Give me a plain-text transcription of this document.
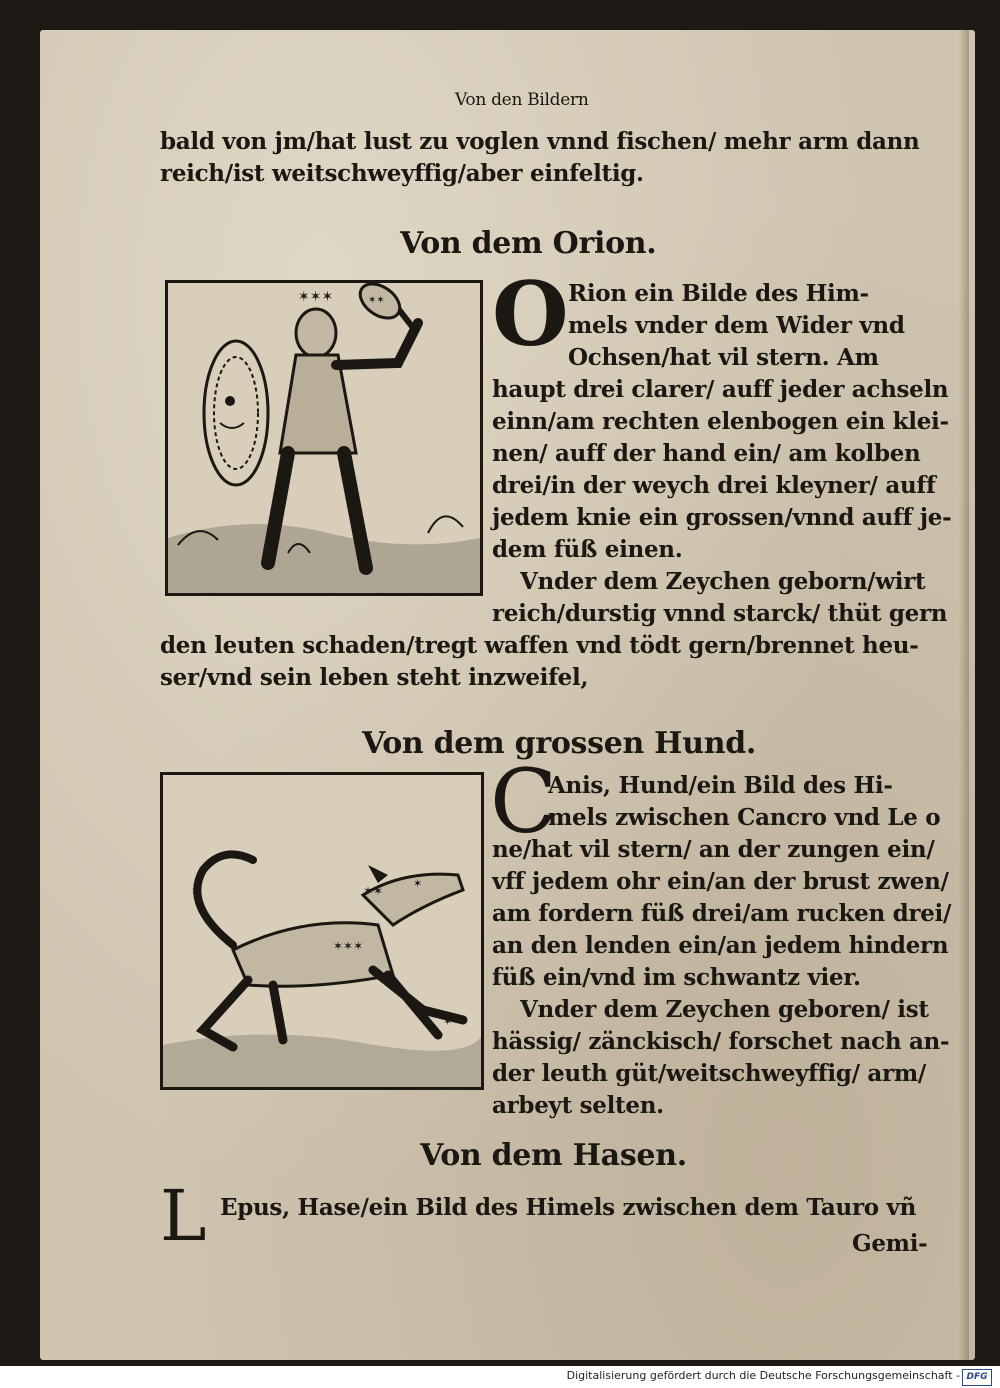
Von den Bildern
bald von jm/hat lust zu voglen vnnd fischen/ mehr arm dann
reich/ist weitschweyffig/aber einfeltig.
Von dem Orion.
✶✶✶	✶✶ O Rion ein Bilde des Him-
mels vnder dem Wider vnd
Ochsen/hat vil stern. Am
haupt drei clarer/ auff jeder achseln
einn/am rechten elenbogen ein klei-
nen/ auff der hand ein/ am kolben
drei/in der weych drei kleyner/ auff
jedem knie ein grossen/vnnd auff je-
dem füß einen.
Vnder dem Zeychen geborn/wirt
reich/durstig vnnd starck/ thüt gern
den leuten schaden/tregt waffen vnd tödt gern/brennet heu-
ser/vnd sein leben steht inzweifel,
Von dem grossen Hund.
✶	✶✶
✶✶✶
✶
✶
C
Anis, Hund/ein Bild des Hi-
mels zwischen Cancro vnd Le o
ne/hat vil stern/ an der zungen ein/
vff jedem ohr ein/an der brust zwen/
am fordern füß drei/am rucken drei/
an den lenden ein/an jedem hindern
füß ein/vnd im schwantz vier.
Vnder dem Zeychen geboren/ ist
hässig/ zänckisch/ forschet nach an-
der leuth güt/weitschweyffig/ arm/
arbeyt selten.
Von dem Hasen.
L Epus, Hase/ein Bild des Himels zwischen dem Tauro vñ
Gemi-
Digitalisierung gefördert durch die Deutsche Forschungsgemeinschaft - DFG
